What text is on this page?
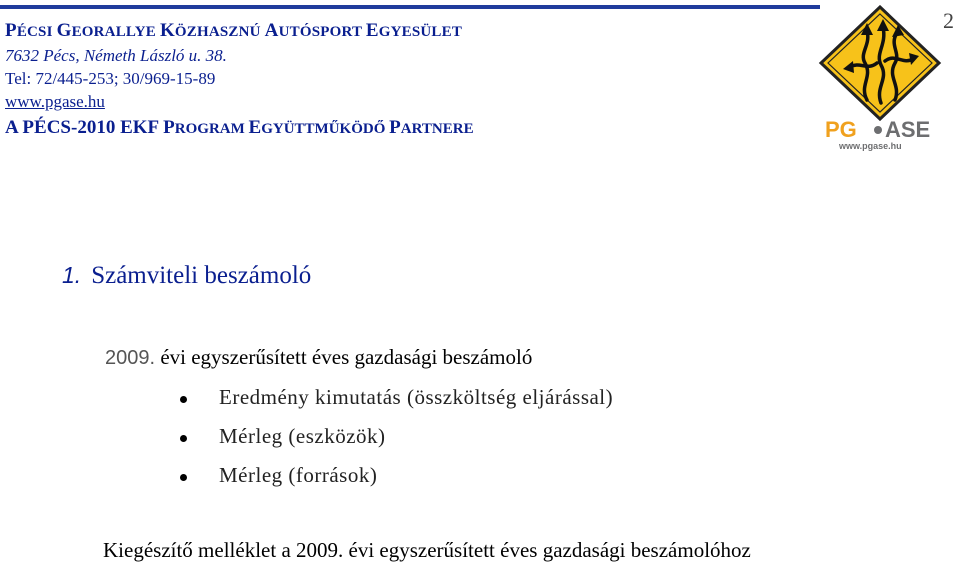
PÉCSI GEORALLYE KÖZHASZNÚ AUTÓSPORT EGYESÜLET
7632 Pécs, Németh László u. 38.
Tel: 72/445-253; 30/969-15-89
www.pgase.hu
A PÉCS-2010 EKF PROGRAM EGYÜTTMŰKÖDŐ PARTNERE
2
PG ASE
www.pgase.hu
1. Számviteli beszámoló
2009. évi egyszerűsített éves gazdasági beszámoló
Eredmény kimutatás (összköltség eljárással)
Mérleg (eszközök)
Mérleg (források)
Kiegészítő melléklet a 2009. évi egyszerűsített éves gazdasági beszámolóhoz
